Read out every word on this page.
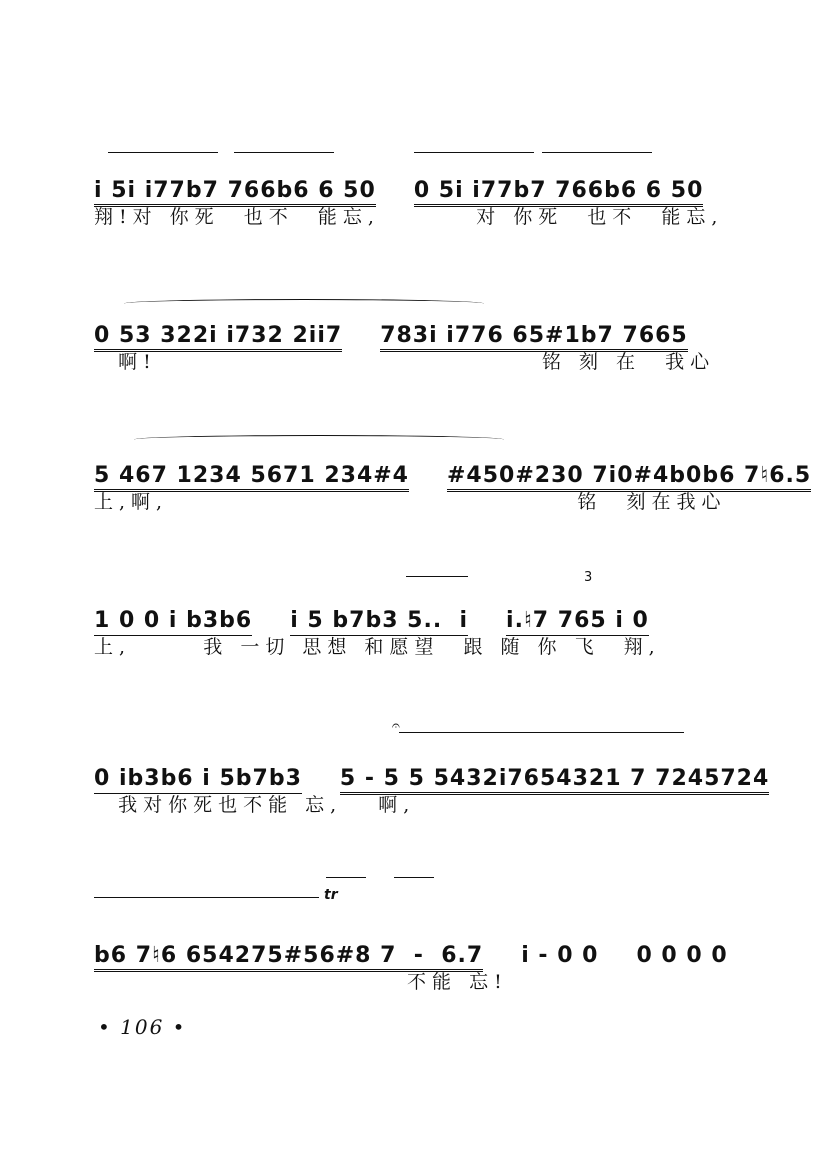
i 5i i77b7 766b6 6 50 0 5i i77b7 766b6 6 50
翔!对 你死  也不  能忘,        对 你死  也不  能忘,
0 53 322i i732 2ii7 783i i776 65#1b7 7665
啊!                                铭 刻 在  我心
5 467 1234 5671 234#4 #450#230 7i0#4b0b6 7♮6.5
上,啊,                                  铭  刻在我心
3
1 0 0 i b3b6 i 5 b7b3 5..  i i.♮7 765 i 0
上,      我 一切 思想 和愿望  跟 随 你 飞  翔,
𝄐
0 ib3b6 i 5b7b3 5 - 5 5 5432i7654321 7 7245724
我对你死也不能 忘,   啊,
tr
b6 7♮6 654275#56#8 7  -  6.7 i - 0 0 0 0 0 0
不能 忘!
• 106 •
